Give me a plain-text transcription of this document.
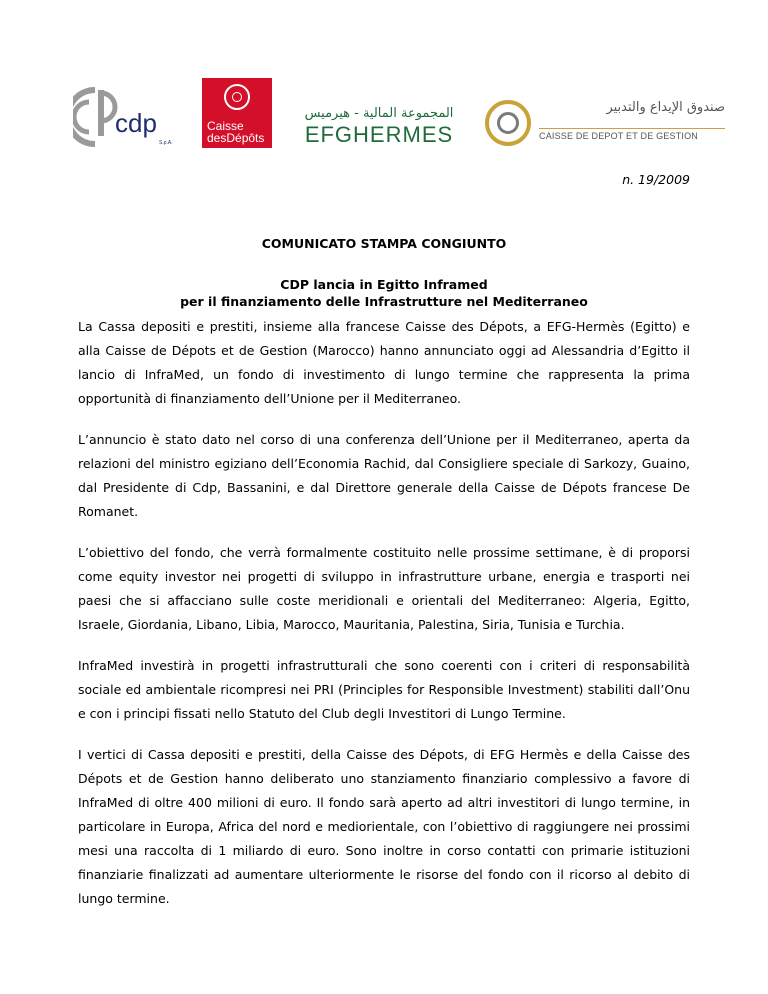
cdp
S.p.A.
Caisse
desDépôts
المجموعة المالية - هيرميس
EFGHERMES
صندوق الإيداع والتدبير
CAISSE DE DEPOT ET DE GESTION
n. 19/2009
COMUNICATO STAMPA CONGIUNTO
CDP lancia in Egitto Inframed
per il finanziamento delle Infrastrutture nel Mediterraneo

La Cassa depositi e prestiti, insieme alla francese Caisse des Dépots, a EFG-Hermès (Egitto) e alla Caisse de Dépots et de Gestion (Marocco) hanno annunciato oggi ad Alessandria d’Egitto il lancio di InfraMed, un fondo di investimento di lungo termine che rappresenta la prima opportunità di finanziamento dell’Unione per il Mediterraneo.

L’annuncio è stato dato nel corso di una conferenza dell’Unione per il Mediterraneo, aperta da relazioni del ministro egiziano dell’Economia Rachid, dal Consigliere speciale di Sarkozy, Guaino, dal Presidente di Cdp, Bassanini, e dal Direttore generale della Caisse de Dépots francese De Romanet.

L’obiettivo del fondo, che verrà formalmente costituito nelle prossime settimane, è di proporsi come equity investor nei progetti di sviluppo in infrastrutture urbane, energia e trasporti nei paesi che si affacciano sulle coste meridionali e orientali del Mediterraneo: Algeria, Egitto, Israele, Giordania, Libano, Libia, Marocco, Mauritania, Palestina, Siria, Tunisia e Turchia.

InfraMed investirà in progetti infrastrutturali che sono coerenti con i criteri di responsabilità sociale ed ambientale ricompresi nei PRI (Principles for Responsible Investment) stabiliti dall’Onu e con i principi fissati nello Statuto del Club degli Investitori di Lungo Termine.

I vertici di Cassa depositi e prestiti, della Caisse des Dépots, di EFG Hermès e della Caisse des Dépots et de Gestion hanno deliberato uno stanziamento finanziario complessivo a favore di InfraMed di oltre 400 milioni di euro. Il fondo sarà aperto ad altri investitori di lungo termine, in particolare in Europa, Africa del nord e mediorientale, con l’obiettivo di raggiungere nei prossimi mesi una raccolta di 1 miliardo di euro. Sono inoltre in corso contatti con primarie istituzioni finanziarie finalizzati ad aumentare ulteriormente le risorse del fondo con il ricorso al debito di lungo termine.
